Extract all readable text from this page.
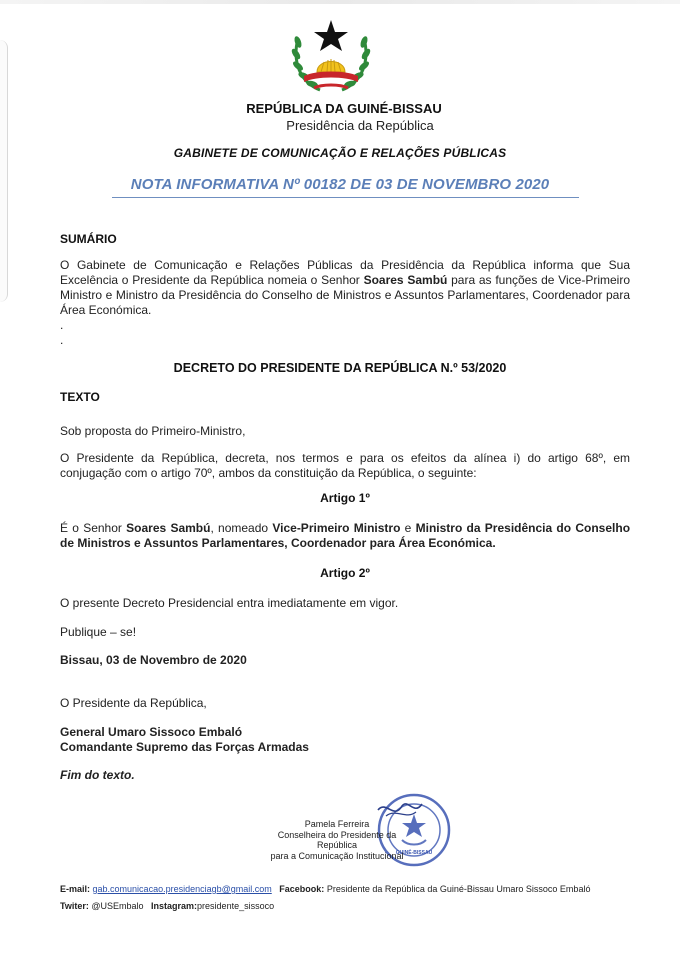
REPÚBLICA DA GUINÉ-BISSAU
Presidência da República
GABINETE DE COMUNICAÇÃO E RELAÇÕES PÚBLICAS
NOTA INFORMATIVA Nº 00182 DE 03 DE NOVEMBRO 2020
SUMÁRIO
O Gabinete de Comunicação e Relações Públicas da Presidência da República informa que Sua Excelência o Presidente da República nomeia o Senhor Soares Sambú para as funções de Vice-Primeiro Ministro e Ministro da Presidência do Conselho de Ministros e Assuntos Parlamentares, Coordenador para Área Económica.
.
.
DECRETO DO PRESIDENTE DA REPÚBLICA N.º 53/2020
TEXTO
Sob proposta do Primeiro-Ministro,
O Presidente da República, decreta, nos termos e para os efeitos da alínea i) do artigo 68º, em conjugação com o artigo 70º, ambos da constituição da República, o seguinte:
Artigo 1º
É o Senhor Soares Sambú, nomeado Vice-Primeiro Ministro e Ministro da Presidência do Conselho de Ministros e Assuntos Parlamentares, Coordenador para Área Económica.
Artigo 2º
O presente Decreto Presidencial entra imediatamente em vigor.
Publique – se!
Bissau, 03 de Novembro de 2020
O Presidente da República,
General Umaro Sissoco Embaló
Comandante Supremo das Forças Armadas
Fim do texto.
GUINÉ-BISSAU
Pamela Ferreira
Conselheira do Presidente da República
para a Comunicação Institucional
E-mail: gab.comunicacao.presidenciagb@gmail.com Facebook: Presidente da República da Guiné-Bissau Umaro Sissoco Embaló
Twiter: @USEmbalo Instagram:presidente_sissoco
